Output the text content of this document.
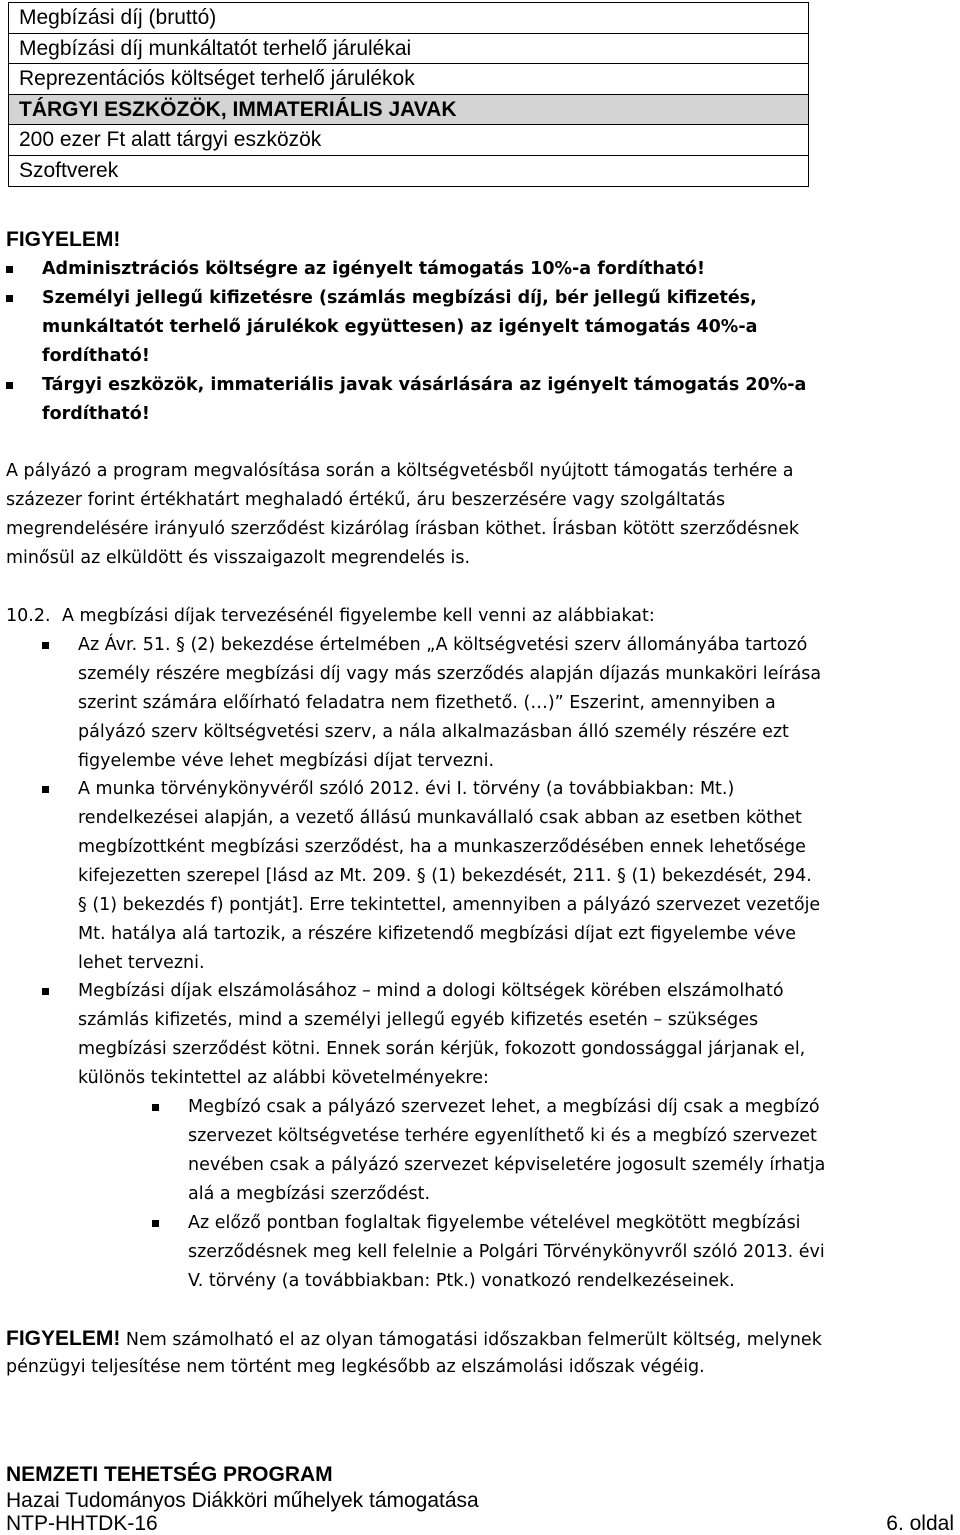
Megbízási díj (bruttó)
Megbízási díj munkáltatót terhelő járulékai
Reprezentációs költséget terhelő járulékok
TÁRGYI ESZKÖZÖK, IMMATERIÁLIS JAVAK
200 ezer Ft alatt tárgyi eszközök
Szoftverek
FIGYELEM!
Adminisztrációs költségre az igényelt támogatás 10%-a fordítható!
Személyi jellegű kifizetésre (számlás megbízási díj, bér jellegű kifizetés,
munkáltatót terhelő járulékok együttesen) az igényelt támogatás 40%-a
fordítható!
Tárgyi eszközök, immateriális javak vásárlására az igényelt támogatás 20%-a
fordítható!
A pályázó a program megvalósítása során a költségvetésből nyújtott támogatás terhére a
százezer forint értékhatárt meghaladó értékű, áru beszerzésére vagy szolgáltatás
megrendelésére irányuló szerződést kizárólag írásban köthet. Írásban kötött szerződésnek
minősül az elküldött és visszaigazolt megrendelés is.
10.2. A megbízási díjak tervezésénél figyelembe kell venni az alábbiakat:
Az Ávr. 51. § (2) bekezdése értelmében „A költségvetési szerv állományába tartozó
személy részére megbízási díj vagy más szerződés alapján díjazás munkaköri leírása
szerint számára előírható feladatra nem fizethető. (…)” Eszerint, amennyiben a
pályázó szerv költségvetési szerv, a nála alkalmazásban álló személy részére ezt
figyelembe véve lehet megbízási díjat tervezni.
A munka törvénykönyvéről szóló 2012. évi I. törvény (a továbbiakban: Mt.)
rendelkezései alapján, a vezető állású munkavállaló csak abban az esetben köthet
megbízottként megbízási szerződést, ha a munkaszerződésében ennek lehetősége
kifejezetten szerepel [lásd az Mt. 209. § (1) bekezdését, 211. § (1) bekezdését, 294.
§ (1) bekezdés f) pontját]. Erre tekintettel, amennyiben a pályázó szervezet vezetője
Mt. hatálya alá tartozik, a részére kifizetendő megbízási díjat ezt figyelembe véve
lehet tervezni.
Megbízási díjak elszámolásához – mind a dologi költségek körében elszámolható
számlás kifizetés, mind a személyi jellegű egyéb kifizetés esetén – szükséges
megbízási szerződést kötni. Ennek során kérjük, fokozott gondossággal járjanak el,
különös tekintettel az alábbi követelményekre:
Megbízó csak a pályázó szervezet lehet, a megbízási díj csak a megbízó
szervezet költségvetése terhére egyenlíthető ki és a megbízó szervezet
nevében csak a pályázó szervezet képviseletére jogosult személy írhatja
alá a megbízási szerződést.
Az előző pontban foglaltak figyelembe vételével megkötött megbízási
szerződésnek meg kell felelnie a Polgári Törvénykönyvről szóló 2013. évi
V. törvény (a továbbiakban: Ptk.) vonatkozó rendelkezéseinek.
FIGYELEM! Nem számolható el az olyan támogatási időszakban felmerült költség, melynek
pénzügyi teljesítése nem történt meg legkésőbb az elszámolási időszak végéig.
NEMZETI TEHETSÉG PROGRAM
Hazai Tudományos Diákköri műhelyek támogatása
NTP-HHTDK-16	6. oldal
